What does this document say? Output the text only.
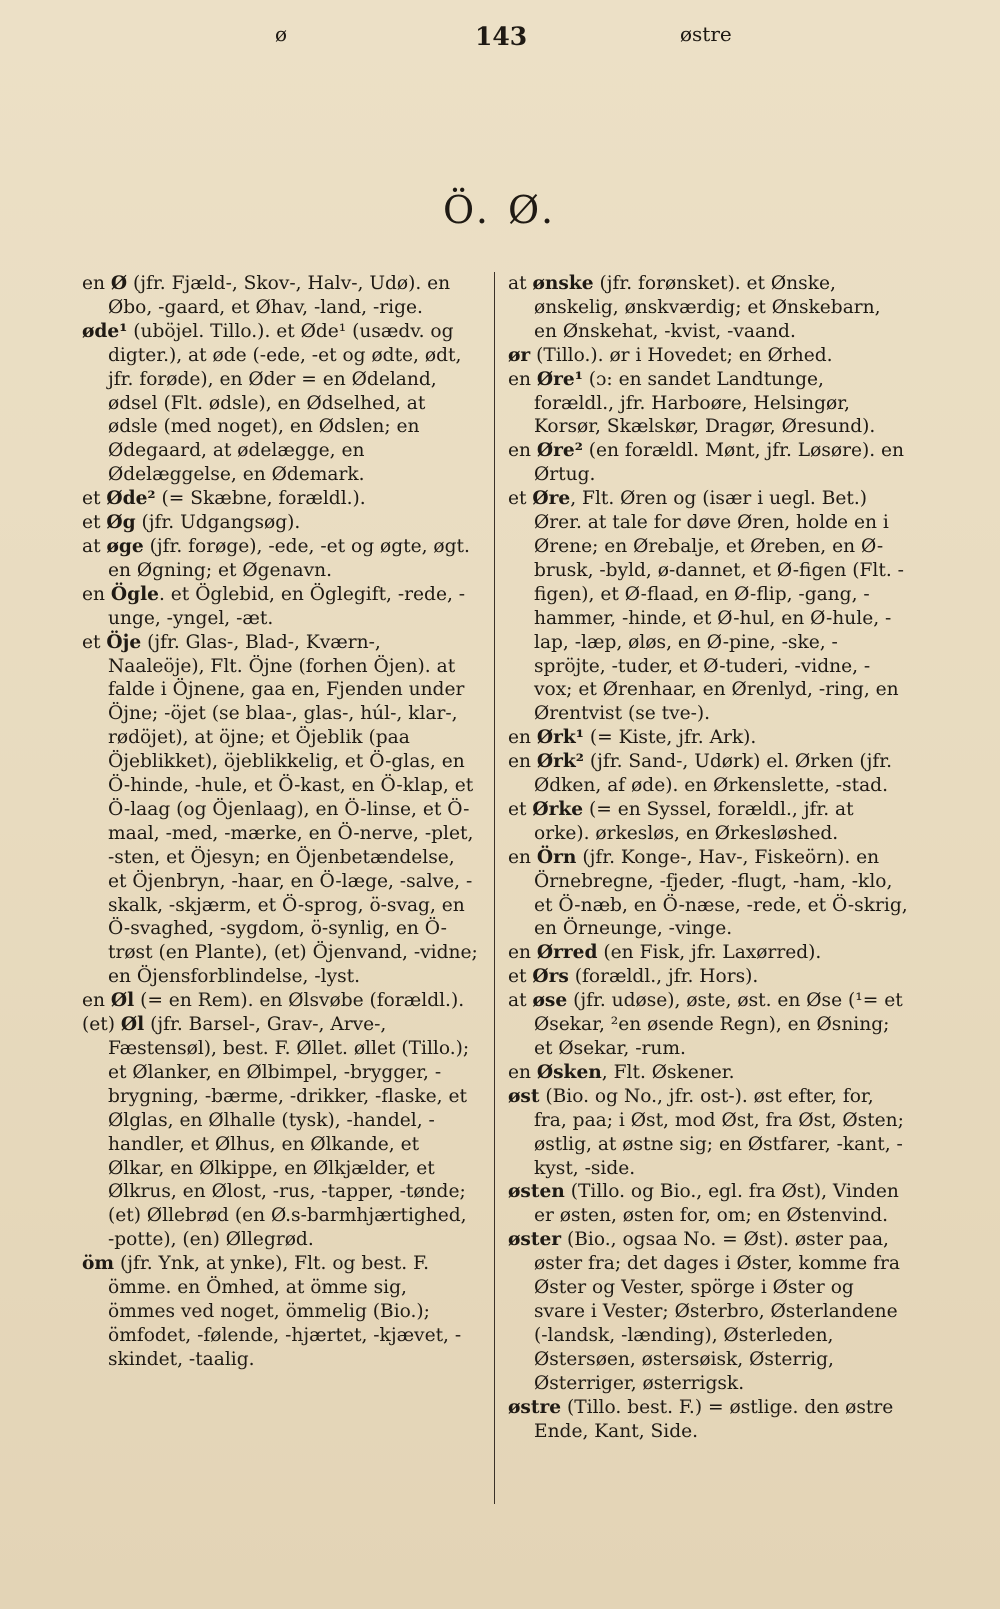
ø	143	østre
Ö. Ø.

en Ø (jfr. Fjæld-, Skov-, Halv-, Udø). en Øbo, -gaard, et Øhav, -land, -rige.

øde¹ (uböjel. Tillo.). et Øde¹ (usædv. og digter.), at øde (-ede, -et og ødte, ødt, jfr. forøde), en Øder = en Ødeland, ødsel (Flt. ødsle), en Ødselhed, at ødsle (med noget), en Ødslen; en Ødegaard, at ødelægge, en Ødelæggelse, en Ødemark.

et Øde² (= Skæbne, forældl.).

et Øg (jfr. Udgangsøg).

at øge (jfr. forøge), -ede, -et og øgte, øgt. en Øgning; et Øgenavn.

en Ögle. et Öglebid, en Öglegift, -rede, -unge, -yngel, -æt.

et Öje (jfr. Glas-, Blad-, Kværn-, Naaleöje), Flt. Öjne (forhen Öjen). at falde i Öjnene, gaa en, Fjenden under Öjne; -öjet (se blaa-, glas-, húl-, klar-, rødöjet), at öjne; et Öjeblik (paa Öjeblikket), öjeblikkelig, et Ö-glas, en Ö-hinde, -hule, et Ö-kast, en Ö-klap, et Ö-laag (og Öjenlaag), en Ö-linse, et Ö-maal, -med, -mærke, en Ö-nerve, -plet, -sten, et Öjesyn; en Öjenbetændelse, et Öjenbryn, -haar, en Ö-læge, -salve, -skalk, -skjærm, et Ö-sprog, ö-svag, en Ö-svaghed, -sygdom, ö-synlig, en Ö-trøst (en Plante), (et) Öjenvand, -vidne; en Öjensforblindelse, -lyst.

en Øl (= en Rem). en Ølsvøbe (forældl.).

(et) Øl (jfr. Barsel-, Grav-, Arve-, Fæstensøl), best. F. Øllet. øllet (Tillo.); et Ølanker, en Ølbimpel, -brygger, -brygning, -bærme, -drikker, -flaske, et Ølglas, en Ølhalle (tysk), -handel, -handler, et Ølhus, en Ølkande, et Ølkar, en Ølkippe, en Ølkjælder, et Ølkrus, en Ølost, -rus, -tapper, -tønde; (et) Øllebrød (en Ø.s-barmhjærtighed, -potte), (en) Øllegrød.

öm (jfr. Ynk, at ynke), Flt. og best. F. ömme. en Ömhed, at ömme sig, ömmes ved noget, ömmelig (Bio.); ömfodet, -følende, -hjærtet, -kjævet, -skindet, -taalig.

at ønske (jfr. forønsket). et Ønske, ønskelig, ønskværdig; et Ønskebarn, en Ønskehat, -kvist, -vaand.

ør (Tillo.). ør i Hovedet; en Ørhed.

en Øre¹ (ɔ: en sandet Landtunge, forældl., jfr. Harboøre, Helsingør, Korsør, Skælskør, Dragør, Øresund).

en Øre² (en forældl. Mønt, jfr. Løsøre). en Ørtug.

et Øre, Flt. Øren og (især i uegl. Bet.) Ører. at tale for døve Øren, holde en i Ørene; en Ørebalje, et Øreben, en Ø-brusk, -byld, ø-dannet, et Ø-figen (Flt. -figen), et Ø-flaad, en Ø-flip, -gang, -hammer, -hinde, et Ø-hul, en Ø-hule, -lap, -læp, øløs, en Ø-pine, -ske, -spröjte, -tuder, et Ø-tuderi, -vidne, -vox; et Ørenhaar, en Ørenlyd, -ring, en Ørentvist (se tve-).

en Ørk¹ (= Kiste, jfr. Ark).

en Ørk² (jfr. Sand-, Udørk) el. Ørken (jfr. Ødken, af øde). en Ørkenslette, -stad.

et Ørke (= en Syssel, forældl., jfr. at orke). ørkesløs, en Ørkesløshed.

en Örn (jfr. Konge-, Hav-, Fiskeörn). en Örnebregne, -fjeder, -flugt, -ham, -klo, et Ö-næb, en Ö-næse, -rede, et Ö-skrig, en Örneunge, -vinge.

en Ørred (en Fisk, jfr. Laxørred).

et Ørs (forældl., jfr. Hors).

at øse (jfr. udøse), øste, øst. en Øse (¹= et Øsekar, ²en øsende Regn), en Øsning; et Øsekar, -rum.

en Øsken, Flt. Øskener.

øst (Bio. og No., jfr. ost-). øst efter, for, fra, paa; i Øst, mod Øst, fra Øst, Østen; østlig, at østne sig; en Østfarer, -kant, -kyst, -side.

østen (Tillo. og Bio., egl. fra Øst), Vinden er østen, østen for, om; en Østenvind.

øster (Bio., ogsaa No. = Øst). øster paa, øster fra; det dages i Øster, komme fra Øster og Vester, spörge i Øster og svare i Vester; Østerbro, Østerlandene (-landsk, -lænding), Østerleden, Østersøen, østersøisk, Østerrig, Østerriger, østerrigsk.

østre (Tillo. best. F.) = østlige. den østre Ende, Kant, Side.
